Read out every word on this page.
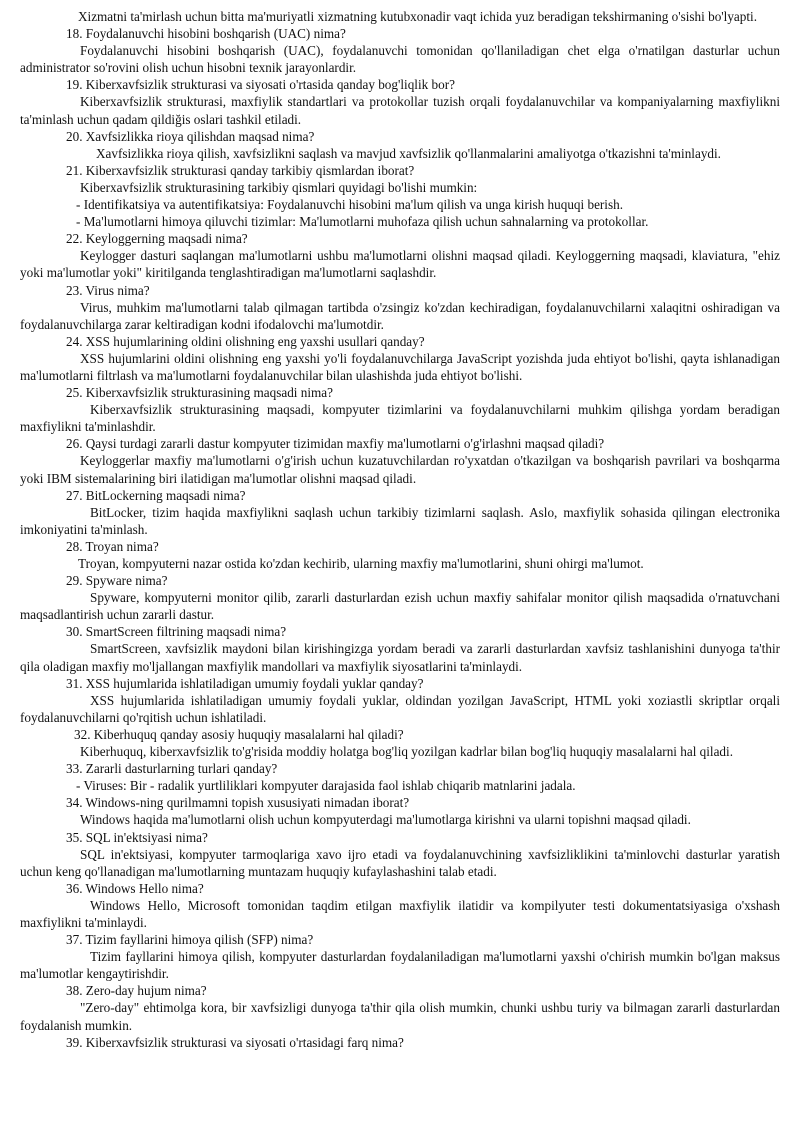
Xizmatni ta'mirlash uchun bitta ma'muriyatli xizmatning kutubxonadir vaqt ichida yuz beradigan tekshirmaning o'sishi bo'lyapti.

18. Foydalanuvchi hisobini boshqarish (UAC) nima?

Foydalanuvchi hisobini boshqarish (UAC), foydalanuvchi tomonidan qo'llaniladigan chet elga o'rnatilgan dasturlar uchun administrator so'rovini olish uchun hisobni texnik jarayonlardir.

19. Kiberxavfsizlik strukturasi va siyosati o'rtasida qanday bog'liqlik bor?

Kiberxavfsizlik strukturasi, maxfiylik standartlari va protokollar tuzish orqali foydalanuvchilar va kompaniyalarning maxfiylikni ta'minlash uchun qadam qildiğis oslari tashkil etiladi.

20. Xavfsizlikka rioya qilishdan maqsad nima?

Xavfsizlikka rioya qilish, xavfsizlikni saqlash va mavjud xavfsizlik qo'llanmalarini amaliyotga o'tkazishni ta'minlaydi.

21. Kiberxavfsizlik strukturasi qanday tarkibiy qismlardan iborat?

Kiberxavfsizlik strukturasining tarkibiy qismlari quyidagi bo'lishi mumkin:

- Identifikatsiya va autentifikatsiya: Foydalanuvchi hisobini ma'lum qilish va unga kirish huquqi berish.

- Ma'lumotlarni himoya qiluvchi tizimlar: Ma'lumotlarni muhofaza qilish uchun sahnalarning va protokollar.

22. Keyloggerning maqsadi nima?

Keylogger dasturi saqlangan ma'lumotlarni ushbu ma'lumotlarni olishni maqsad qiladi. Keyloggerning maqsadi, klaviatura, "ehiz yoki ma'lumotlar yoki" kiritilganda tenglashtiradigan ma'lumotlarni saqlashdir.

23. Virus nima?

Virus, muhkim ma'lumotlarni talab qilmagan tartibda o'zsingiz ko'zdan kechiradigan, foydalanuvchilarni xalaqitni oshiradigan va foydalanuvchilarga zarar keltiradigan kodni ifodalovchi ma'lumotdir.

24. XSS hujumlarining oldini olishning eng yaxshi usullari qanday?

XSS hujumlarini oldini olishning eng yaxshi yo'li foydalanuvchilarga JavaScript yozishda juda ehtiyot bo'lishi, qayta ishlanadigan ma'lumotlarni filtrlash va ma'lumotlarni foydalanuvchilar bilan ulashishda juda ehtiyot bo'lishi.

25. Kiberxavfsizlik strukturasining maqsadi nima?

Kiberxavfsizlik strukturasining maqsadi, kompyuter tizimlarini va foydalanuvchilarni muhkim qilishga yordam beradigan maxfiylikni ta'minlashdir.

26. Qaysi turdagi zararli dastur kompyuter tizimidan maxfiy ma'lumotlarni o'g'irlashni maqsad qiladi?

Keyloggerlar maxfiy ma'lumotlarni o'g'irish uchun kuzatuvchilardan ro'yxatdan o'tkazilgan va boshqarish pavrilari va boshqarma yoki IBM sistemalarining biri ilatidigan ma'lumotlar olishni maqsad qiladi.

27. BitLockerning maqsadi nima?

BitLocker, tizim haqida maxfiylikni saqlash uchun tarkibiy tizimlarni saqlash. Aslo, maxfiylik sohasida qilingan electronika imkoniyatini ta'minlash.

28. Troyan nima?

Troyan, kompyuterni nazar ostida ko'zdan kechirib, ularning maxfiy ma'lumotlarini, shuni ohirgi ma'lumot.

29. Spyware nima?

Spyware, kompyuterni monitor qilib, zararli dasturlardan ezish uchun maxfiy sahifalar monitor qilish maqsadida o'rnatuvchani maqsadlantirish uchun zararli dastur.

30. SmartScreen filtrining maqsadi nima?

SmartScreen, xavfsizlik maydoni bilan kirishingizga yordam beradi va zararli dasturlardan xavfsiz tashlanishini dunyoga ta'thir qila oladigan maxfiy mo'ljallangan maxfiylik mandollari va maxfiylik siyosatlarini ta'minlaydi.

31. XSS hujumlarida ishlatiladigan umumiy foydali yuklar qanday?

XSS hujumlarida ishlatiladigan umumiy foydali yuklar, oldindan yozilgan JavaScript, HTML yoki xoziastli skriptlar orqali foydalanuvchilarni qo'rqitish uchun ishlatiladi.

32. Kiberhuquq qanday asosiy huquqiy masalalarni hal qiladi?

Kiberhuquq, kiberxavfsizlik to'g'risida moddiy holatga bog'liq yozilgan kadrlar bilan bog'liq huquqiy masalalarni hal qiladi.

33. Zararli dasturlarning turlari qanday?

- Viruses: Bir - radalik yurtliliklari kompyuter darajasida faol ishlab chiqarib matnlarini jadala.

34. Windows-ning qurilmamni topish xususiyati nimadan iborat?

Windows haqida ma'lumotlarni olish uchun kompyuterdagi ma'lumotlarga kirishni va ularni topishni maqsad qiladi.

35. SQL in'ektsiyasi nima?

SQL in'ektsiyasi, kompyuter tarmoqlariga xavo ijro etadi va foydalanuvchining xavfsizliklikini ta'minlovchi dasturlar yaratish uchun keng qo'llanadigan ma'lumotlarning muntazam huquqiy kufaylashashini talab etadi.

36. Windows Hello nima?

Windows Hello, Microsoft tomonidan taqdim etilgan maxfiylik ilatidir va kompilyuter testi dokumentatsiyasiga o'xshash maxfiylikni ta'minlaydi.

37. Tizim fayllarini himoya qilish (SFP) nima?

Tizim fayllarini himoya qilish, kompyuter dasturlardan foydalaniladigan ma'lumotlarni yaxshi o'chirish mumkin bo'lgan maksus ma'lumotlar kengaytirishdir.

38. Zero-day hujum nima?

"Zero-day" ehtimolga kora, bir xavfsizligi dunyoga ta'thir qila olish mumkin, chunki ushbu turiy va bilmagan zararli dasturlardan foydalanish mumkin.

39. Kiberxavfsizlik strukturasi va siyosati o'rtasidagi farq nima?
